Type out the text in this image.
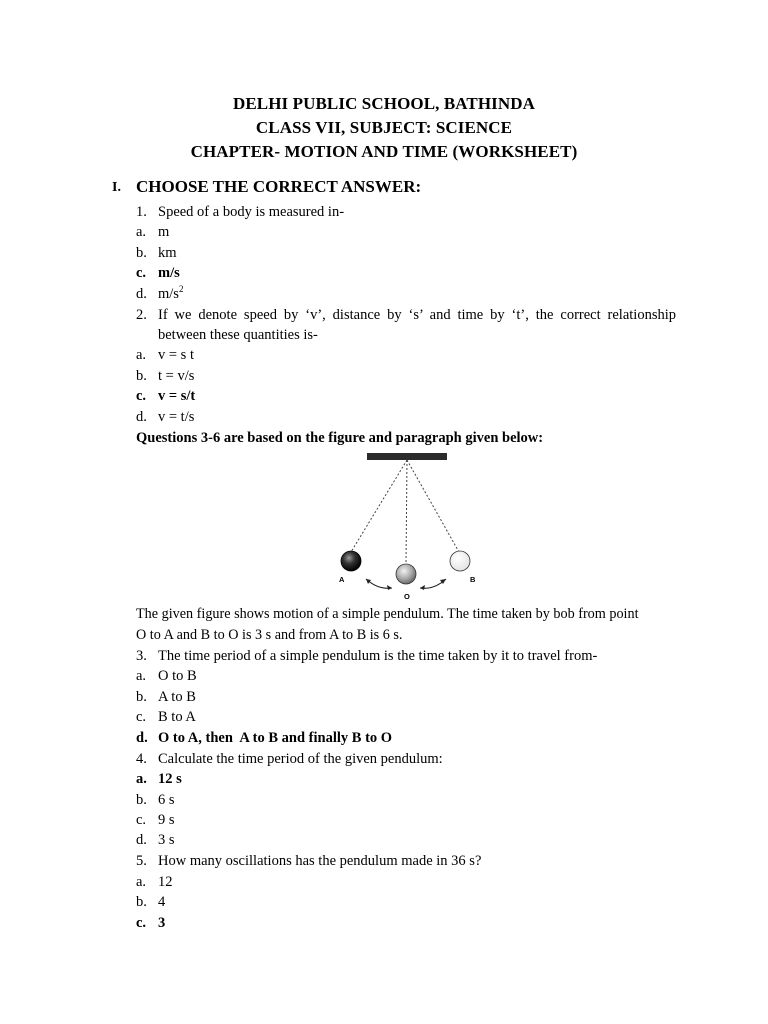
DELHI PUBLIC SCHOOL, BATHINDA
CLASS VII, SUBJECT: SCIENCE
CHAPTER- MOTION AND TIME (WORKSHEET)
I. CHOOSE THE CORRECT ANSWER:
1. Speed of a body is measured in-
a. m
b. km
c. m/s
d. $m/s^2$
2. If we denote speed by ‘v’, distance by ‘s’ and time by ‘t’, the correct relationship
between these quantities is-
a. v = s t
b. t = v/s
c. v = s/t
d. v = t/s
Questions 3-6 are based on the figure and paragraph given below:
A
O
B
The given figure shows motion of a simple pendulum. The time taken by bob from point
O to A and B to O is 3 s and from A to B is 6 s.
3. The time period of a simple pendulum is the time taken by it to travel from-
a. O to B
b. A to B
c. B to A
d. O to A, then  A to B and finally B to O
4. Calculate the time period of the given pendulum:
a. 12 s
b. 6 s
c. 9 s
d. 3 s
5. How many oscillations has the pendulum made in 36 s?
a. 12
b. 4
c. 3
